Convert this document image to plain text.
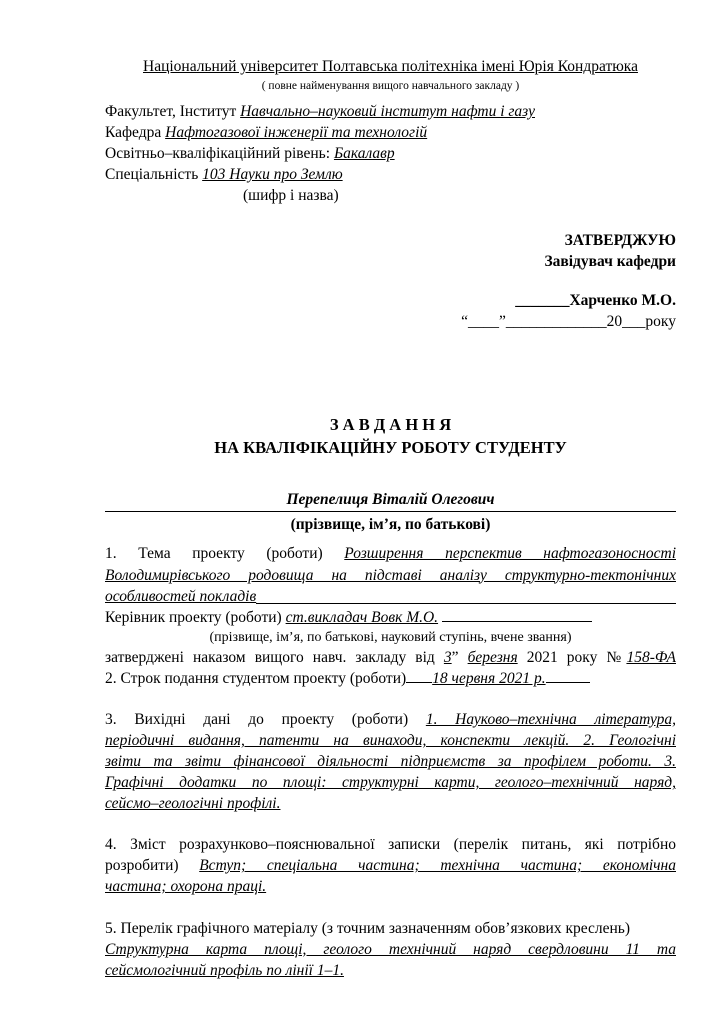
Національний університет Полтавська політехніка імені Юрія Кондратюка
( повне найменування вищого навчального закладу )
Факультет, Інститут Навчально–науковий інститут нафти і газу
Кафедра Нафтогазової інженерії та технологій
Освітньо–кваліфікаційний рівень: Бакалавр
Спеціальність 103 Науки про Землю
(шифр і назва)
ЗАТВЕРДЖУЮ
Завідувач кафедри
_______Харченко М.О.
“____”_____________20___року
З А В Д А Н Н Я
НА КВАЛІФІКАЦІЙНУ РОБОТУ СТУДЕНТУ
Перепелиця Віталій Олегович
(прізвище, ім’я, по батькові)
1. Тема проекту (роботи) Розширення перспектив нафтогазоносності
Володимирівського родовища на підставі аналізу структурно-тектонічних
особливостей покладів
Керівник проекту (роботи) ст.викладач Вовк М.О.
(прізвище, ім’я, по батькові, науковий ступінь, вчене звання)
затверджені наказом вищого навч. закладу від 3” березня 2021 року №158-ФА
2. Строк подання студентом проекту (роботи) 18 червня 2021 р.
3. Вихідні дані до проекту (роботи) 1. Науково–технічна література,
періодичні видання, патенти на винаходи, конспекти лекцій. 2. Геологічні
звіти та звіти фінансової діяльності підприємств за профілем роботи. 3.
Графічні додатки по площі: структурні карти, геолого–технічний наряд,
сейсмо–геологічні профілі.
4. Зміст розрахунково–пояснювальної записки (перелік питань, які потрібно
розробити) Вступ; спеціальна частина; технічна частина; економічна
частина; охорона праці.
5. Перелік графічного матеріалу (з точним зазначенням обов’язкових креслень)
Структурна карта площі, геолого технічний наряд свердловини 11 та
сейсмологічний профіль по лінії 1–1.
